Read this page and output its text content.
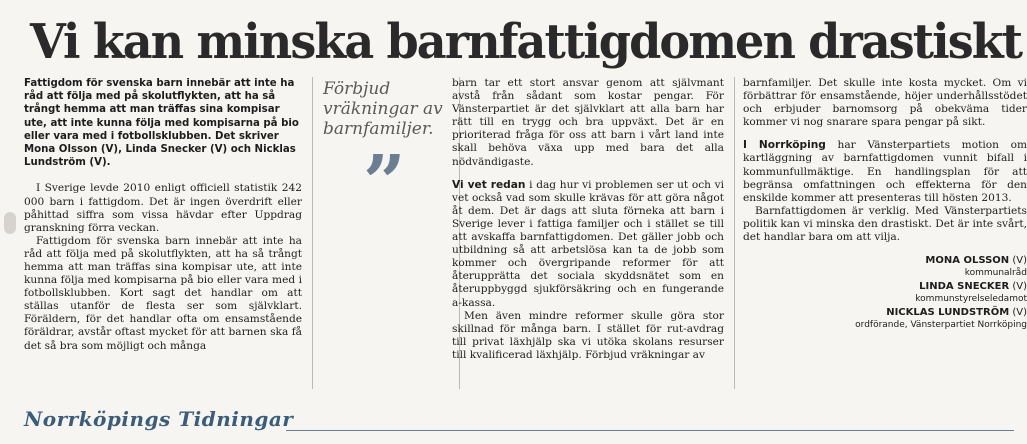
Vi kan minska barnfattigdomen drastiskt
Fattigdom för svenska barn innebär att inte ha råd att följa med på skolutflykten, att ha så trångt hemma att man träffas sina kompisar ute, att inte kunna följa med kompisarna på bio eller vara med i fotbollsklubben. Det skriver Mona Olsson (V), Linda Snecker (V) och Nicklas Lundström (V).

I Sverige levde 2010 enligt officiell statistik 242 000 barn i fattigdom. Det är ingen överdrift eller påhittad siffra som vissa hävdar efter Uppdrag granskning förra veckan.

Fattigdom för svenska barn innebär att inte ha råd att följa med på skolutflykten, att ha så trångt hemma att man träffas sina kompisar ute, att inte kunna följa med kompisarna på bio eller vara med i fotbollsklubben. Kort sagt det handlar om att ställas utanför de flesta ser som självklart. Föräldern, för det handlar ofta om ensamstående föräldrar, avstår oftast mycket för att barnen ska få det så bra som möjligt och många

Förbjud vräkningar av barnfamiljer.
”

barn tar ett stort ansvar genom att självmant avstå från sådant som kostar pengar. För Vänsterpartiet är det självklart att alla barn har rätt till en trygg och bra uppväxt. Det är en prioriterad fråga för oss att barn i vårt land inte skall behöva växa upp med bara det alla nödvändigaste.

Vi vet redan i dag hur vi problemen ser ut och vi vet också vad som skulle krävas för att göra något åt dem. Det är dags att sluta förneka att barn i Sverige lever i fattiga familjer och i stället se till att avskaffa barnfattigdomen. Det gäller jobb och utbildning så att arbetslösa kan ta de jobb som kommer och övergripande reformer för att återupprätta det sociala skyddsnätet som en återuppbyggd sjukförsäkring och en fungerande a-kassa.

Men även mindre reformer skulle göra stor skillnad för många barn. I stället för rut-avdrag till privat läxhjälp ska vi utöka skolans resurser till kvalificerad läxhjälp. Förbjud vräkningar av

barnfamiljer. Det skulle inte kosta mycket. Om vi förbättrar för ensamstående, höjer underhållsstödet och erbjuder barnomsorg på obekväma tider kommer vi nog snarare spara pengar på sikt.

I Norrköping har Vänsterpartiets motion om kartläggning av barnfattigdomen vunnit bifall i kommunfullmäktige. En handlingsplan för att begränsa omfattningen och effekterna för den enskilde kommer att presenteras till hösten 2013.

Barnfattigdomen är verklig. Med Vänsterpartiets politik kan vi minska den drastiskt. Det är inte svårt, det handlar bara om att vilja.

MONA OLSSON (V)
kommunalråd
LINDA SNECKER (V)
kommunstyrelseledamot
NICKLAS LUNDSTRÖM (V)
ordförande, Vänsterpartiet Norrköping
Norrköpings Tidningar
